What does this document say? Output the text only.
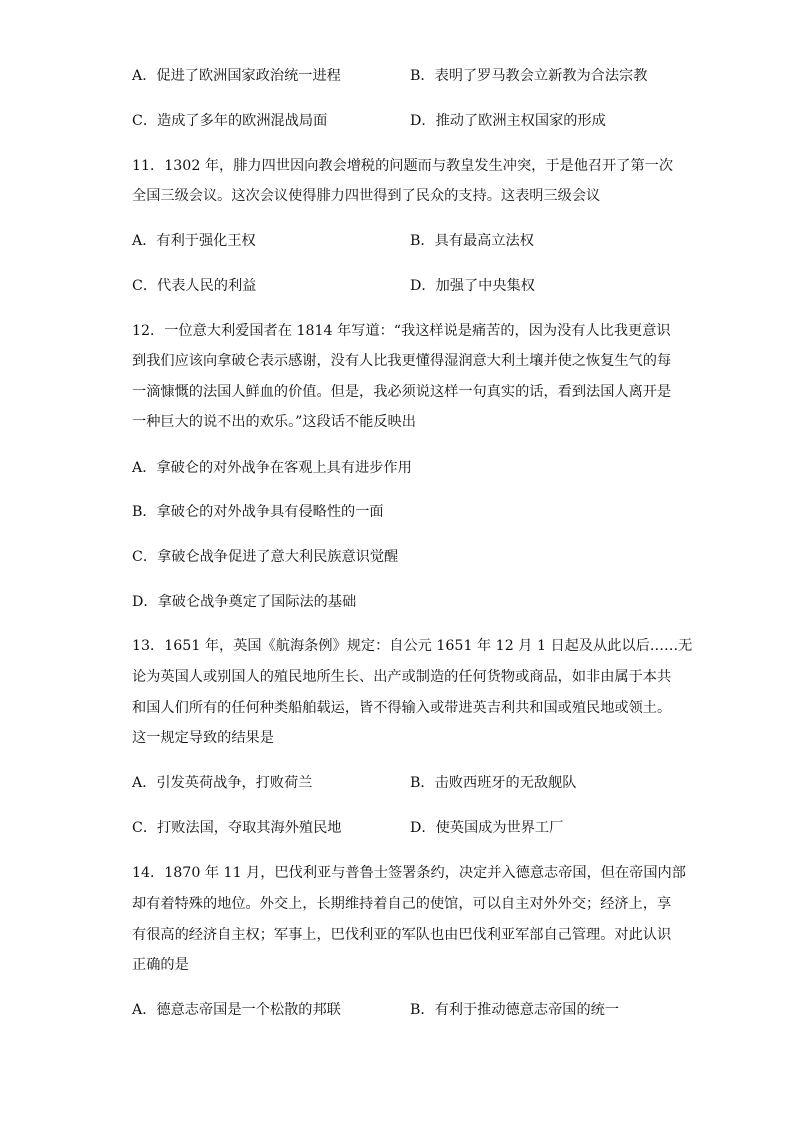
A．促进了欧洲国家政治统一进程	B．表明了罗马教会立新教为合法宗教

C．造成了多年的欧洲混战局面	D．推动了欧洲主权国家的形成

11．1302 年，腓力四世因向教会增税的问题而与教皇发生冲突，于是他召开了第一次

全国三级会议。这次会议使得腓力四世得到了民众的支持。这表明三级会议

A．有利于强化王权	B．具有最高立法权

C．代表人民的利益	D．加强了中央集权

12．一位意大利爱国者在 1814 年写道：“我这样说是痛苦的，因为没有人比我更意识

到我们应该向拿破仑表示感谢，没有人比我更懂得湿润意大利土壤并使之恢复生气的每

一滴慷慨的法国人鲜血的价值。但是，我必须说这样一句真实的话，看到法国人离开是

一种巨大的说不出的欢乐。”这段话不能反映出

A．拿破仑的对外战争在客观上具有进步作用

B．拿破仑的对外战争具有侵略性的一面

C．拿破仑战争促进了意大利民族意识觉醒

D．拿破仑战争奠定了国际法的基础

13．1651 年，英国《航海条例》规定：自公元 1651 年 12 月 1 日起及从此以后……无

论为英国人或别国人的殖民地所生长、出产或制造的任何货物或商品，如非由属于本共

和国人们所有的任何种类船舶载运，皆不得输入或带进英吉利共和国或殖民地或领土。

这一规定导致的结果是

A．引发英荷战争，打败荷兰	B．击败西班牙的无敌舰队

C．打败法国，夺取其海外殖民地	D．使英国成为世界工厂

14．1870 年 11 月，巴伐利亚与普鲁士签署条约，决定并入德意志帝国，但在帝国内部

却有着特殊的地位。外交上，长期维持着自己的使馆，可以自主对外外交；经济上，享

有很高的经济自主权；军事上，巴伐利亚的军队也由巴伐利亚军部自己管理。对此认识

正确的是

A．德意志帝国是一个松散的邦联	B．有利于推动德意志帝国的统一
